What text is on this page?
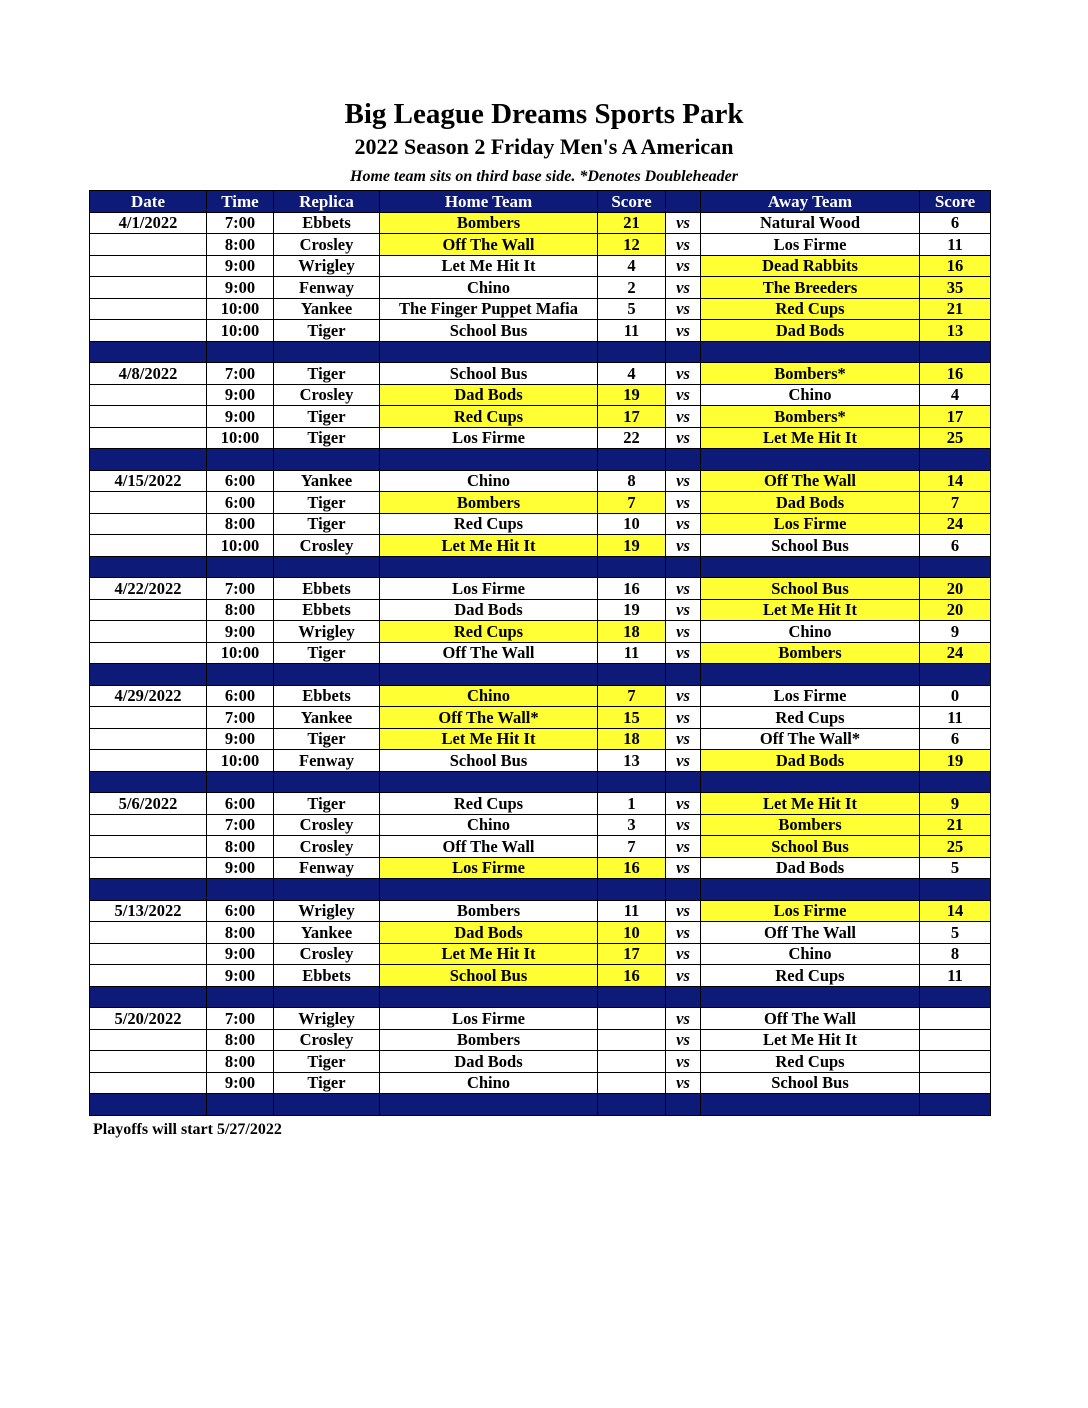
Big League Dreams Sports Park
2022 Season 2 Friday Men's A American
Home team sits on third base side. *Denotes Doubleheader
Date	Time	Replica	Home Team	Score		Away Team	Score
4/1/2022	7:00	Ebbets	Bombers	21	vs	Natural Wood	6
	8:00	Crosley	Off The Wall	12	vs	Los Firme	11
	9:00	Wrigley	Let Me Hit It	4	vs	Dead Rabbits	16
	9:00	Fenway	Chino	2	vs	The Breeders	35
	10:00	Yankee	The Finger Puppet Mafia	5	vs	Red Cups	21
	10:00	Tiger	School Bus	11	vs	Dad Bods	13

4/8/2022	7:00	Tiger	School Bus	4	vs	Bombers*	16
	9:00	Crosley	Dad Bods	19	vs	Chino	4
	9:00	Tiger	Red Cups	17	vs	Bombers*	17
	10:00	Tiger	Los Firme	22	vs	Let Me Hit It	25

4/15/2022	6:00	Yankee	Chino	8	vs	Off The Wall	14
	6:00	Tiger	Bombers	7	vs	Dad Bods	7
	8:00	Tiger	Red Cups	10	vs	Los Firme	24
	10:00	Crosley	Let Me Hit It	19	vs	School Bus	6

4/22/2022	7:00	Ebbets	Los Firme	16	vs	School Bus	20
	8:00	Ebbets	Dad Bods	19	vs	Let Me Hit It	20
	9:00	Wrigley	Red Cups	18	vs	Chino	9
	10:00	Tiger	Off The Wall	11	vs	Bombers	24

4/29/2022	6:00	Ebbets	Chino	7	vs	Los Firme	0
	7:00	Yankee	Off The Wall*	15	vs	Red Cups	11
	9:00	Tiger	Let Me Hit It	18	vs	Off The Wall*	6
	10:00	Fenway	School Bus	13	vs	Dad Bods	19

5/6/2022	6:00	Tiger	Red Cups	1	vs	Let Me Hit It	9
	7:00	Crosley	Chino	3	vs	Bombers	21
	8:00	Crosley	Off The Wall	7	vs	School Bus	25
	9:00	Fenway	Los Firme	16	vs	Dad Bods	5

5/13/2022	6:00	Wrigley	Bombers	11	vs	Los Firme	14
	8:00	Yankee	Dad Bods	10	vs	Off The Wall	5
	9:00	Crosley	Let Me Hit It	17	vs	Chino	8
	9:00	Ebbets	School Bus	16	vs	Red Cups	11

5/20/2022	7:00	Wrigley	Los Firme		vs	Off The Wall	
	8:00	Crosley	Bombers		vs	Let Me Hit It	
	8:00	Tiger	Dad Bods		vs	Red Cups	
	9:00	Tiger	Chino		vs	School Bus	

Playoffs will start 5/27/2022
